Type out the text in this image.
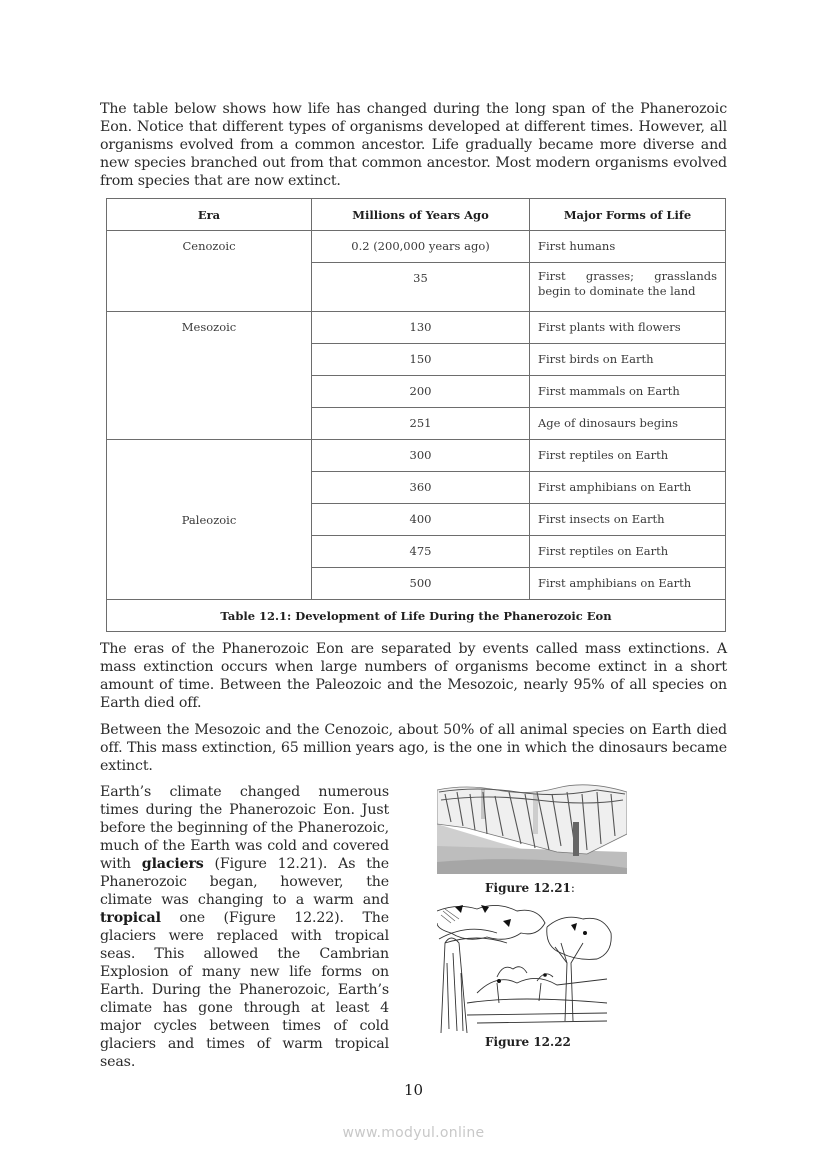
The table below shows how life has changed during the long span of the Phanerozoic Eon. Notice that different types of organisms developed at different times. However, all organisms evolved from a common ancestor. Life gradually became more diverse and new species branched out from that common ancestor. Most modern organisms evolved from species that are now extinct.

Era	Millions of Years Ago	Major Forms of Life
Cenozoic	0.2 (200,000 years ago)	First humans
	35	First grasses; grasslands begin to dominate the land
Mesozoic	130	First plants with flowers
	150	First birds on Earth
	200	First mammals on Earth
	251	Age of dinosaurs begins
Paleozoic	300	First reptiles on Earth
	360	First amphibians on Earth
	400	First insects on Earth
	475	First reptiles on Earth
	500	First amphibians on Earth
Table 12.1: Development of Life During the Phanerozoic Eon		

The eras of the Phanerozoic Eon are separated by events called mass extinctions. A mass extinction occurs when large numbers of organisms become extinct in a short amount of time. Between the Paleozoic and the Mesozoic, nearly 95% of all species on Earth died off.

Between the Mesozoic and the Cenozoic, about 50% of all animal species on Earth died off. This mass extinction, 65 million years ago, is the one in which the dinosaurs became extinct.

Earth’s climate changed numerous times during the Phanerozoic Eon. Just before the beginning of the Phanerozoic, much of the Earth was cold and covered with glaciers (Figure 12.21). As the Phanerozoic began, however, the climate was changing to a warm and tropical one (Figure 12.22). The glaciers were replaced with tropical seas. This allowed the Cambrian Explosion of many new life forms on Earth. During the Phanerozoic, Earth’s climate has gone through at least 4 major cycles between times of cold glaciers and times of warm tropical seas.

Figure 12.21:
Figure 12.22
10
www.modyul.online
